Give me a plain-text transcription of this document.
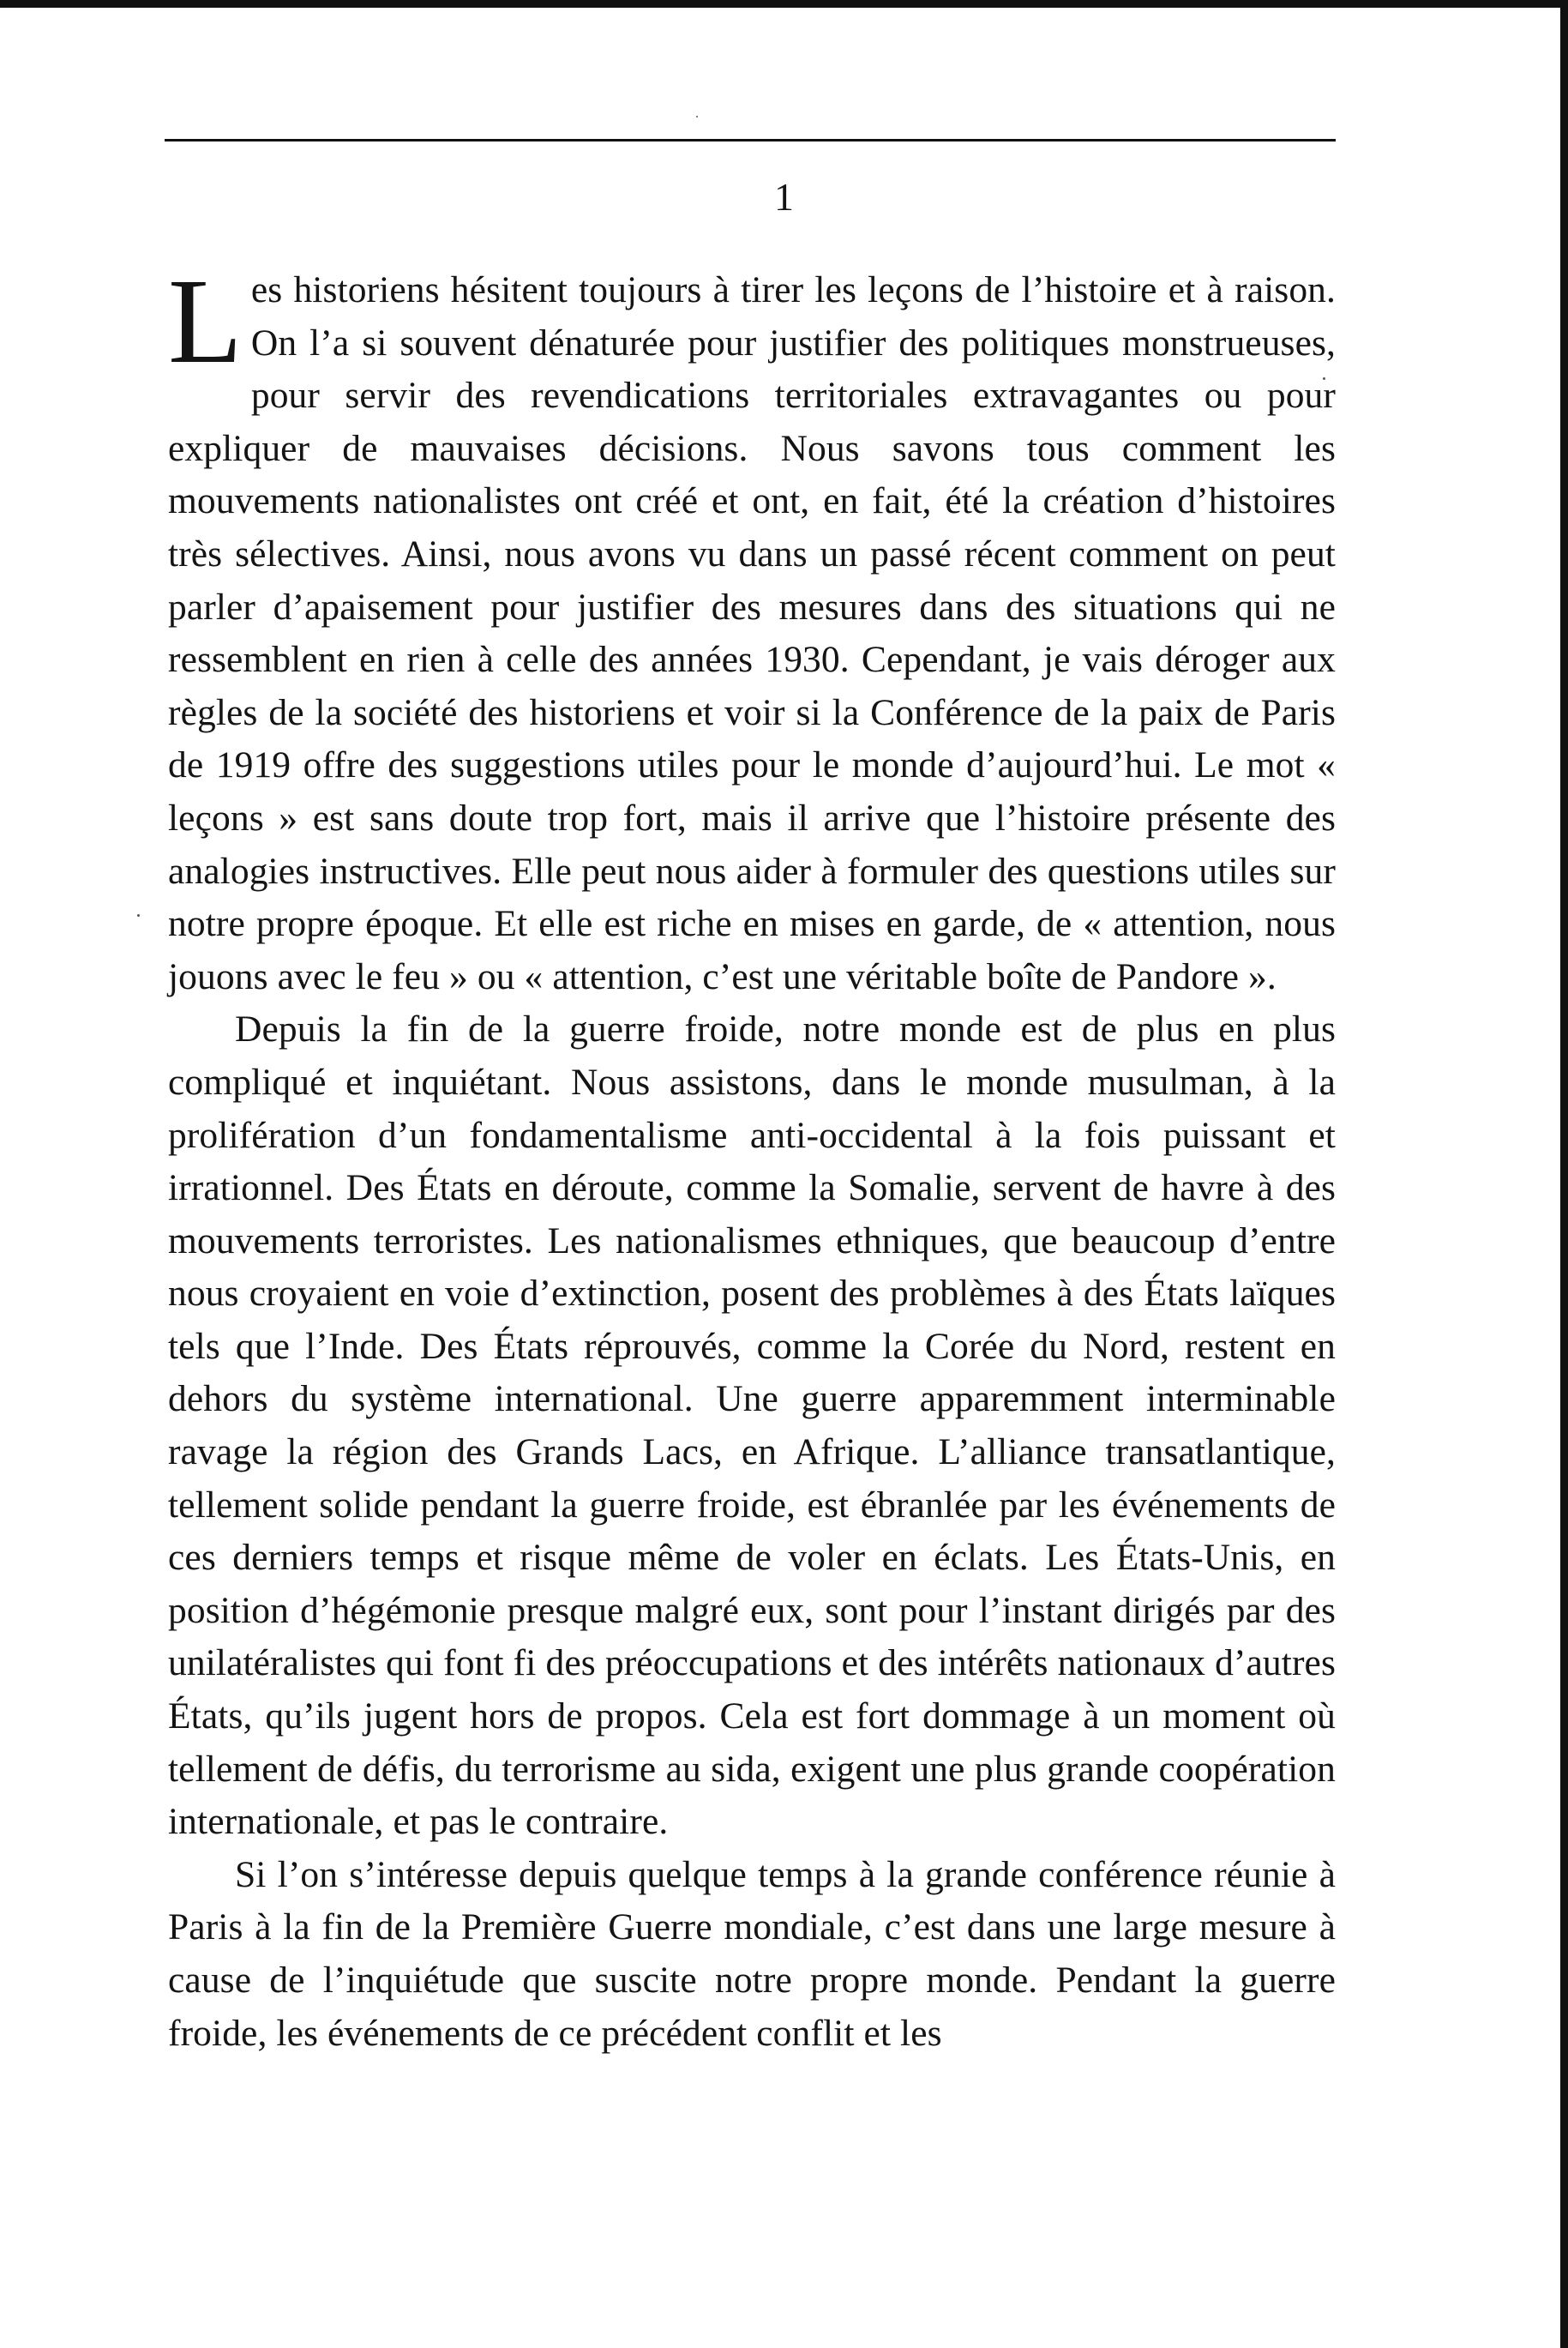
1

Les historiens hésitent toujours à tirer les leçons de l’histoire et à raison. On l’a si souvent dénaturée pour justifier des politiques monstrueuses, pour servir des revendications territoriales extravagantes ou pour expliquer de mauvaises décisions. Nous savons tous comment les mouvements nationalistes ont créé et ont, en fait, été la création d’histoires très sélectives. Ainsi, nous avons vu dans un passé récent comment on peut parler d’apaisement pour justifier des mesures dans des situations qui ne ressemblent en rien à celle des années 1930. Cependant, je vais déroger aux règles de la société des historiens et voir si la Conférence de la paix de Paris de 1919 offre des suggestions utiles pour le monde d’aujourd’hui. Le mot « leçons » est sans doute trop fort, mais il arrive que l’histoire présente des analogies instructives. Elle peut nous aider à formuler des questions utiles sur notre propre époque. Et elle est riche en mises en garde, de « attention, nous jouons avec le feu » ou « attention, c’est une véritable boîte de Pandore ».

Depuis la fin de la guerre froide, notre monde est de plus en plus compliqué et inquiétant. Nous assistons, dans le monde musulman, à la prolifération d’un fondamentalisme anti-occidental à la fois puissant et irrationnel. Des États en déroute, comme la Somalie, servent de havre à des mouvements terroristes. Les nationalismes ethniques, que beaucoup d’entre nous croyaient en voie d’extinction, posent des problèmes à des États laïques tels que l’Inde. Des États réprouvés, comme la Corée du Nord, restent en dehors du système international. Une guerre apparemment interminable ravage la région des Grands Lacs, en Afrique. L’alliance transatlantique, tellement solide pendant la guerre froide, est ébranlée par les événements de ces derniers temps et risque même de voler en éclats. Les États-Unis, en position d’hégémonie presque malgré eux, sont pour l’instant dirigés par des unilatéralistes qui font fi des préoccupations et des intérêts nationaux d’autres États, qu’ils jugent hors de propos. Cela est fort dommage à un moment où tellement de défis, du terrorisme au sida, exigent une plus grande coopération internationale, et pas le contraire.

Si l’on s’intéresse depuis quelque temps à la grande conférence réunie à Paris à la fin de la Première Guerre mondiale, c’est dans une large mesure à cause de l’inquiétude que suscite notre propre monde. Pendant la guerre froide, les événements de ce précédent conflit et les
